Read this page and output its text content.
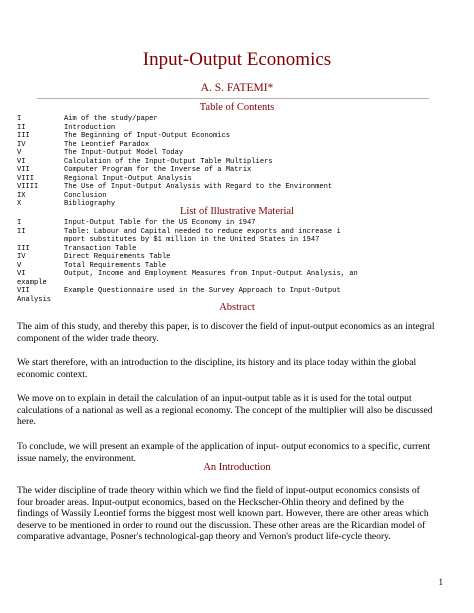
Input-Output Economics
A. S. FATEMI*
Table of Contents
I	Aim of the study/paper
II	Introduction
III	The Beginning of Input-Output Economics
IV	The Leontief Paradox
V	The Input-Output Model Today
VI	Calculation of the Input-Output Table Multipliers
VII	Computer Program for the Inverse of a Matrix
VIII	Regional Input-Output Analysis
VIIII	The Use of Input-Output Analysis with Regard to the Environment
IX	Conclusion
X	Bibliography
List of Illustrative Material
I	Input-Output Table for the US Economy in 1947
II	Table: Labour and Capital needed to reduce exports and increase i
mport substitutes by $1 million in the United States in 1947
III	Transaction Table
IV	Direct Requirements Table
V	Total Requirements Table
VI	Output, Income and Employment Measures from Input-Output Analysis, an
example
VII	Example Questionnaire used in the Survey Approach to Input-Output
Analysis
Abstract
The aim of this study, and thereby this paper, is to discover the field of input-output economics as an integral component of the wider trade theory.
We start therefore, with an introduction to the discipline, its history and its place today within the global economic context.
We move on to explain in detail the calculation of an input-output table as it is used for the total output calculations of a national as well as a regional economy. The concept of the multiplier will also be discussed here.
To conclude, we will present an example of the application of input- output economics to a specific, current issue namely, the environment.
An Introduction
The wider discipline of trade theory within which we find the field of input-output economics consists of four broader areas. Input-output economics, based on the Heckscher-Ohlin theory and defined by the findings of Wassily Leontief forms the biggest most well known part. However, there are other areas which deserve to be mentioned in order to round out the discussion. These other areas are the Ricardian model of comparative advantage, Posner's technological-gap theory and Vernon's product life-cycle theory.
1
